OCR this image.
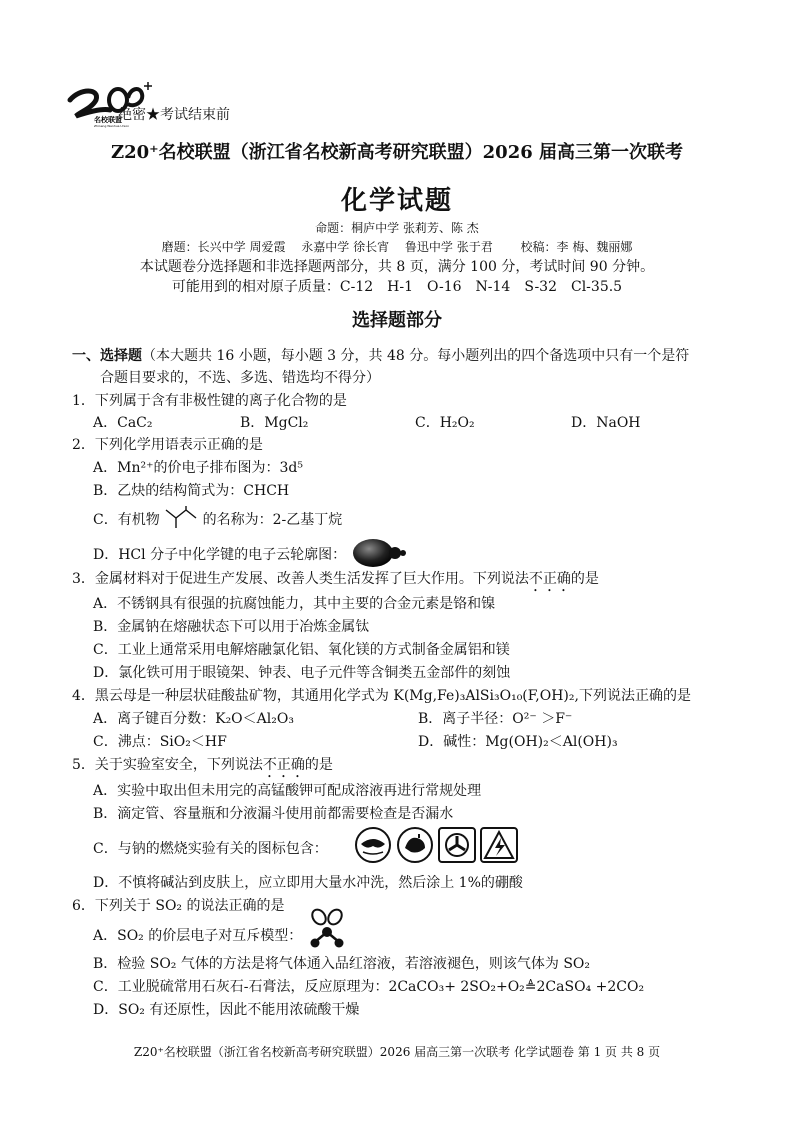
名校联盟
Zhineng Wenhua Union
绝密★考试结束前
Z20⁺名校联盟（浙江省名校新高考研究联盟）2026 届高三第一次联考
化学试题
命题：桐庐中学 张莉芳、陈 杰
磨题：长兴中学 周爱霞　 永嘉中学 徐长宵　 鲁迅中学 张于君　　 校稿：李 梅、魏丽娜
本试题卷分选择题和非选择题两部分，共 8 页，满分 100 分，考试时间 90 分钟。
可能用到的相对原子质量：C-12　H-1　O-16　N-14　S-32　Cl-35.5
选择题部分
一、选择题（本大题共 16 小题，每小题 3 分，共 48 分。每小题列出的四个备选项中只有一个是符
合题目要求的，不选、多选、错选均不得分）
1．下列属于含有非极性键的离子化合物的是
A．CaC₂	B．MgCl₂	C．H₂O₂	D．NaOH
2．下列化学用语表示正确的是
A．Mn²⁺的价电子排布图为：3d⁵
B．乙炔的结构简式为：CHCH
C．有机物	的名称为：2-乙基丁烷
D．HCl 分子中化学键的电子云轮廓图：
3．金属材料对于促进生产发展、改善人类生活发挥了巨大作用。下列说法不正确的是
A．不锈钢具有很强的抗腐蚀能力，其中主要的合金元素是铬和镍
B．金属钠在熔融状态下可以用于冶炼金属钛
C．工业上通常采用电解熔融氯化铝、氧化镁的方式制备金属铝和镁
D．氯化铁可用于眼镜架、钟表、电子元件等含铜类五金部件的刻蚀
4．黑云母是一种层状硅酸盐矿物，其通用化学式为 K(Mg,Fe)₃AlSi₃O₁₀(F,OH)₂,下列说法正确的是
A．离子键百分数：K₂O＜Al₂O₃	B．离子半径：O²⁻ ＞F⁻
C．沸点：SiO₂＜HF	D．碱性：Mg(OH)₂＜Al(OH)₃
5．关于实验室安全，下列说法不正确的是
A．实验中取出但未用完的高锰酸钾可配成溶液再进行常规处理
B．滴定管、容量瓶和分液漏斗使用前都需要检查是否漏水
C．与钠的燃烧实验有关的图标包含：
D．不慎将碱沾到皮肤上，应立即用大量水冲洗，然后涂上 1%的硼酸
6．下列关于 SO₂ 的说法正确的是
A．SO₂ 的价层电子对互斥模型：
B．检验 SO₂ 气体的方法是将气体通入品红溶液，若溶液褪色，则该气体为 SO₂
C．工业脱硫常用石灰石-石膏法，反应原理为：2CaCO₃+ 2SO₂+O₂≜2CaSO₄ +2CO₂
D．SO₂ 有还原性，因此不能用浓硫酸干燥
Z20⁺名校联盟（浙江省名校新高考研究联盟）2026 届高三第一次联考 化学试题卷 第 1 页 共 8 页
